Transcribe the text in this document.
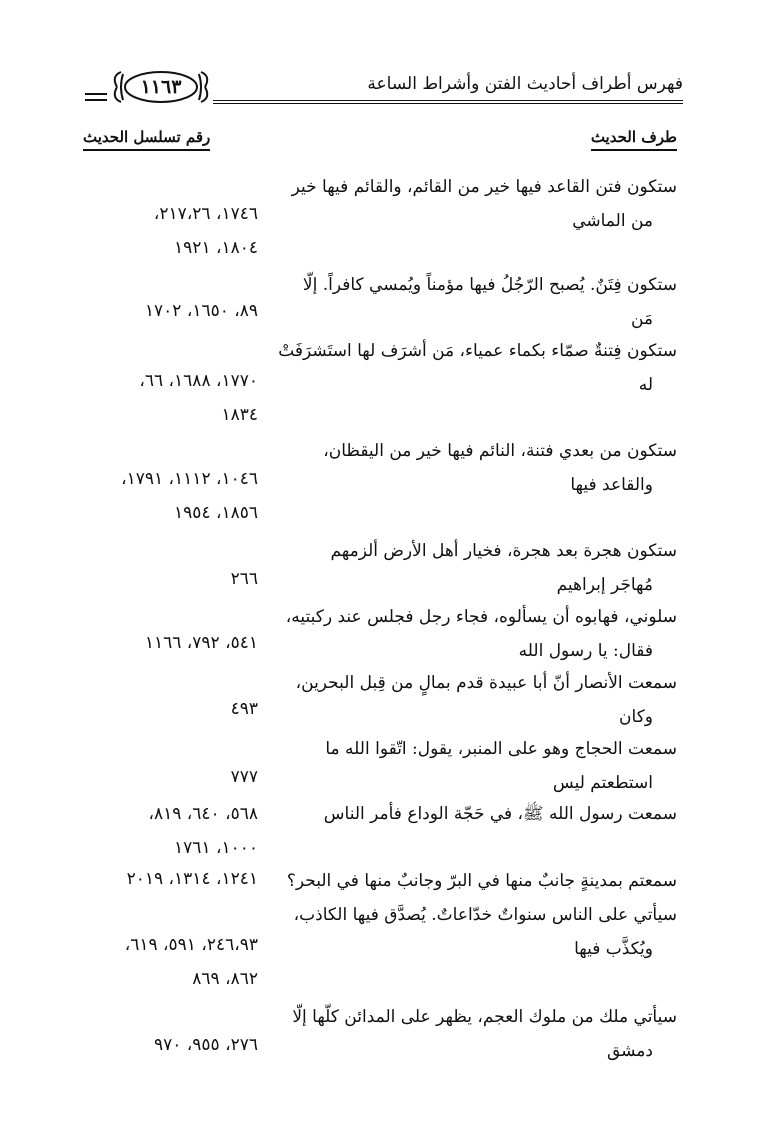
فهرس أطراف أحاديث الفتن وأشراط الساعة
١١٦٣
طرف الحديث
رقم تسلسل الحديث
ستكون فتن القاعد فيها خير من القائم، والقائم فيها خير
من الماشي
١٧٤٦، ٢١٧،٢٦،
١٨٠٤، ١٩٢١
ستكون فِتَنٌ. يُصبح الرّجُلُ فيها مؤمناً ويُمسي كافراً. إلّا
مَن
٨٩، ١٦٥٠، ١٧٠٢
ستكون فِتنةٌ صمّاء بكماء عمياء، مَن أشرَف لها استَشرَفَتْ
له
١٧٧٠، ١٦٨٨، ٦٦،
١٨٣٤
ستكون من بعدي فتنة، النائم فيها خير من اليقظان،
والقاعد فيها
١٠٤٦، ١١١٢، ١٧٩١،
١٨٥٦، ١٩٥٤
ستكون هجرة بعد هجرة، فخيار أهل الأرض ألزمهم
مُهاجَر إبراهيم
٢٦٦
سلوني، فهابوه أن يسألوه، فجاء رجل فجلس عند ركبتيه،
فقال: يا رسول الله
٥٤١، ٧٩٢، ١١٦٦
سمعت الأنصار أنّ أبا عبيدة قدم بمالٍ من قِبل البحرين،
وكان
٤٩٣
سمعت الحجاج وهو على المنبر، يقول: اتّقوا الله ما
استطعتم ليس
٧٧٧
سمعت رسول الله ﷺ، في حَجّة الوداع فأمر الناس
٥٦٨، ٦٤٠، ٨١٩،
١٠٠٠، ١٧٦١
سمعتم بمدينةٍ جانبٌ منها في البرّ وجانبٌ منها في البحر؟
١٢٤١، ١٣١٤، ٢٠١٩
سيأتي على الناس سنواتٌ خدّاعاتٌ. يُصدَّق فيها الكاذب،
ويُكذَّب فيها
٢٤٦،٩٣، ٥٩١، ٦١٩،
٨٦٢، ٨٦٩
سيأتي ملك من ملوك العجم، يظهر على المدائن كلّها إلّا
دمشق
٢٧٦، ٩٥٥، ٩٧٠
